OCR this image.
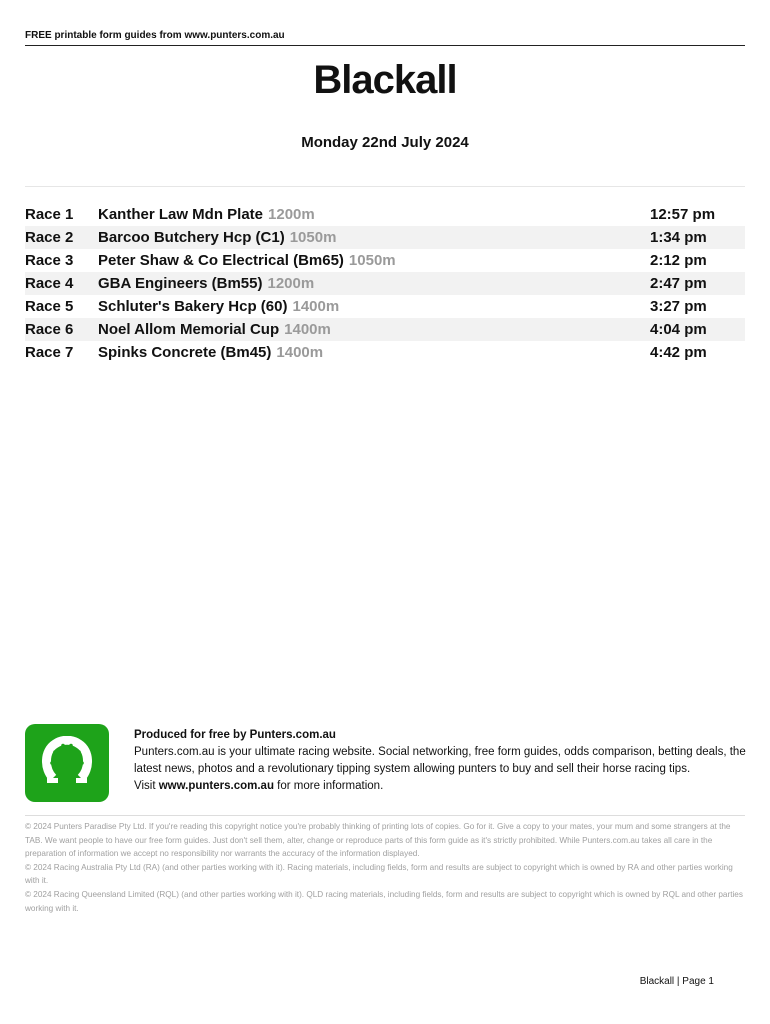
FREE printable form guides from www.punters.com.au
Blackall
Monday 22nd July 2024
Race 1	Kanther Law Mdn Plate 1200m	12:57 pm
Race 2	Barcoo Butchery Hcp (C1) 1050m	1:34 pm
Race 3	Peter Shaw & Co Electrical (Bm65) 1050m	2:12 pm
Race 4	GBA Engineers (Bm55) 1200m	2:47 pm
Race 5	Schluter's Bakery Hcp (60) 1400m	3:27 pm
Race 6	Noel Allom Memorial Cup 1400m	4:04 pm
Race 7	Spinks Concrete (Bm45) 1400m	4:42 pm
Produced for free by Punters.com.au
Punters.com.au is your ultimate racing website. Social networking, free form guides, odds comparison, betting deals, the latest news, photos and a revolutionary tipping system allowing punters to buy and sell their horse racing tips.
Visit www.punters.com.au for more information.

© 2024 Punters Paradise Pty Ltd. If you're reading this copyright notice you're probably thinking of printing lots of copies. Go for it. Give a copy to your mates, your mum and some strangers at the TAB. We want people to have our free form guides. Just don't sell them, alter, change or reproduce parts of this form guide as it's strictly prohibited. While Punters.com.au takes all care in the preparation of information we accept no responsibility nor warrants the accuracy of the information displayed.

© 2024 Racing Australia Pty Ltd (RA) (and other parties working with it). Racing materials, including fields, form and results are subject to copyright which is owned by RA and other parties working with it.

© 2024 Racing Queensland Limited (RQL) (and other parties working with it). QLD racing materials, including fields, form and results are subject to copyright which is owned by RQL and other parties working with it.

Blackall | Page 1
